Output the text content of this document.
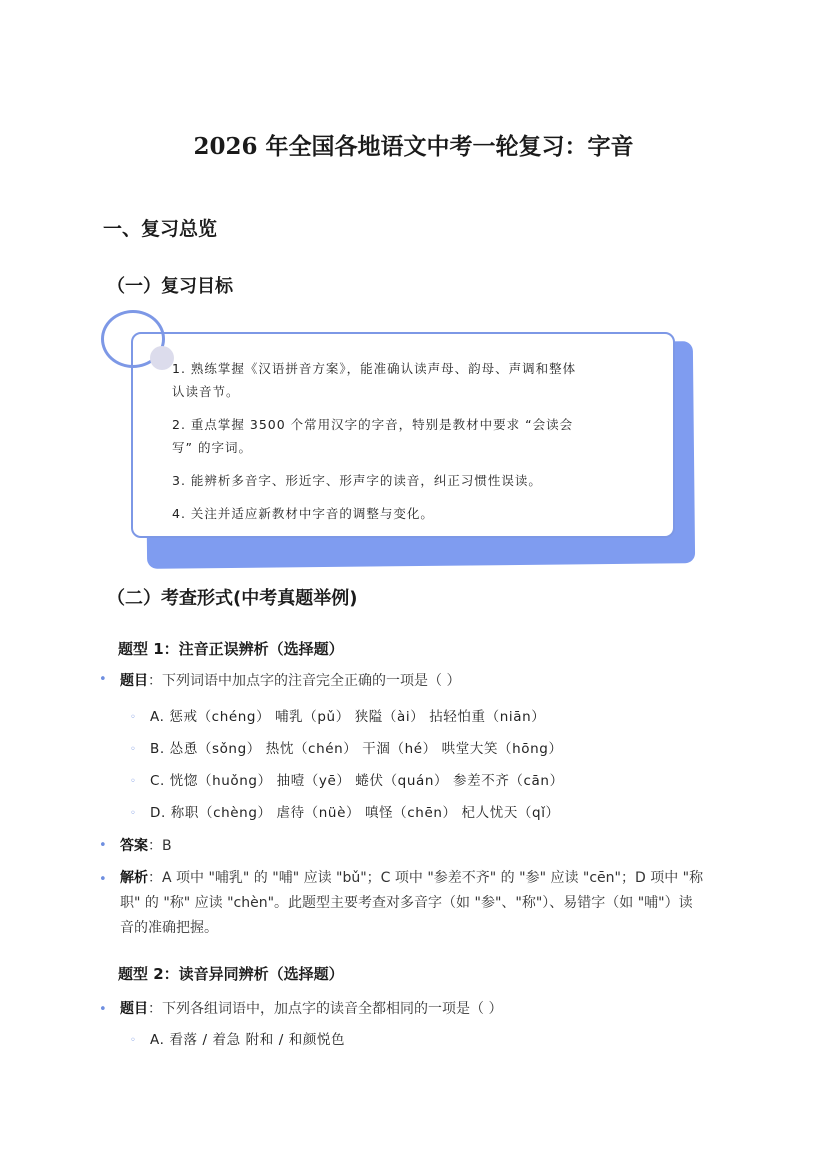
2026 年全国各地语文中考一轮复习：字音
一、复习总览
（一）复习目标
1. 熟练掌握《汉语拼音方案》，能准确认读声母、韵母、声调和整体
认读音节。
2. 重点掌握 3500 个常用汉字的字音，特别是教材中要求 “会读会
写” 的字词。
3. 能辨析多音字、形近字、形声字的读音，纠正习惯性误读。
4. 关注并适应新教材中字音的调整与变化。
（二）考查形式(中考真题举例)
题型 1：注音正误辨析（选择题）
• 题目：下列词语中加点字的注音完全正确的一项是（ ）
◦ A. 惩戒（chéng） 哺乳（pǔ） 狭隘（ài） 拈轻怕重（niān）
◦ B. 怂恿（sǒng） 热忱（chén） 干涸（hé） 哄堂大笑（hōng）
◦ C. 恍惚（huǒng） 抽噎（yē） 蜷伏（quán） 参差不齐（cān）
◦ D. 称职（chèng） 虐待（nüè） 嗔怪（chēn） 杞人忧天（qǐ）
• 答案：B
• 解析：A 项中 "哺乳" 的 "哺" 应读 "bǔ"；C 项中 "参差不齐" 的 "参" 应读 "cēn"；D 项中 "称
职" 的 "称" 应读 "chèn"。此题型主要考查对多音字（如 "参"、"称"）、易错字（如 "哺"）读
音的准确把握。
题型 2：读音异同辨析（选择题）
• 题目：下列各组词语中，加点字的读音全都相同的一项是（ ）
◦ A. 看落 / 着急 附和 / 和颜悦色
